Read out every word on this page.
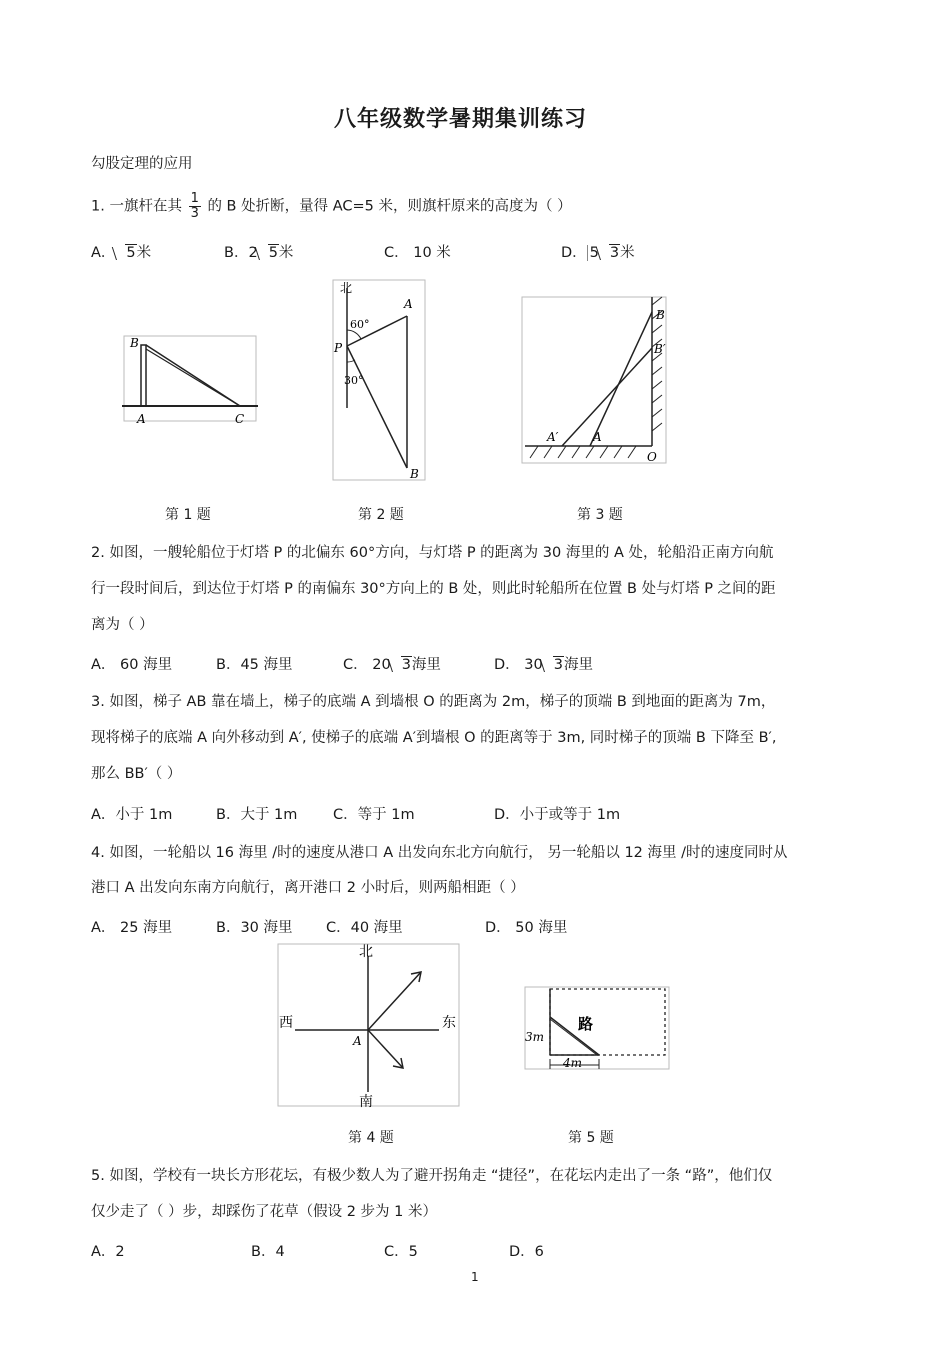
八年级数学暑期集训练习
勾股定理的应用
1. 一旗杆在其 $\frac{1}{3}$ 的 B 处折断，量得 AC=5 米，则旗杆原来的高度为（ ）
A． 5米	B．2 5米	C． 10 米	D． 5 3米
B
A	C
第 1 题
北
A
P
B
60°
30°
第 2 题
B
B′
A′	A
O
第 3 题
2. 如图，一艘轮船位于灯塔 P 的北偏东 60°方向，与灯塔 P 的距离为 30 海里的 A 处，轮船沿正南方向航
行一段时间后，到达位于灯塔 P 的南偏东 30°方向上的 B 处，则此时轮船所在位置 B 处与灯塔 P 之间的距
离为（ ）
A． 60 海里	B．45 海里	C． 20 3海里	D． 30 3海里
3. 如图，梯子 AB 靠在墙上，梯子的底端 A 到墙根 O 的距离为 2m，梯子的顶端 B 到地面的距离为 7m，
现将梯子的底端 A 向外移动到 A′, 使梯子的底端 A′到墙根 O 的距离等于 3m, 同时梯子的顶端 B 下降至 B′,
那么 BB′（ ）
A．小于 1m	B．大于 1m C．等于 1m	D．小于或等于 1m
4. 如图，一轮船以 16 海里 /时的速度从港口 A 出发向东北方向航行， 另一轮船以 12 海里 /时的速度同时从
港口 A 出发向东南方向航行，离开港口 2 小时后，则两船相距（ ）
A． 25 海里	B．30 海里 C．40 海里	D． 50 海里
北
南
西	东
A
第 4 题
路
3m
4m
第 5 题
5. 如图，学校有一块长方形花坛，有极少数人为了避开拐角走 “捷径”，在花坛内走出了一条 “路”，他们仅
仅少走了（ ）步，却踩伤了花草（假设 2 步为 1 米）
A．2	B．4	C．5	D．6
1
